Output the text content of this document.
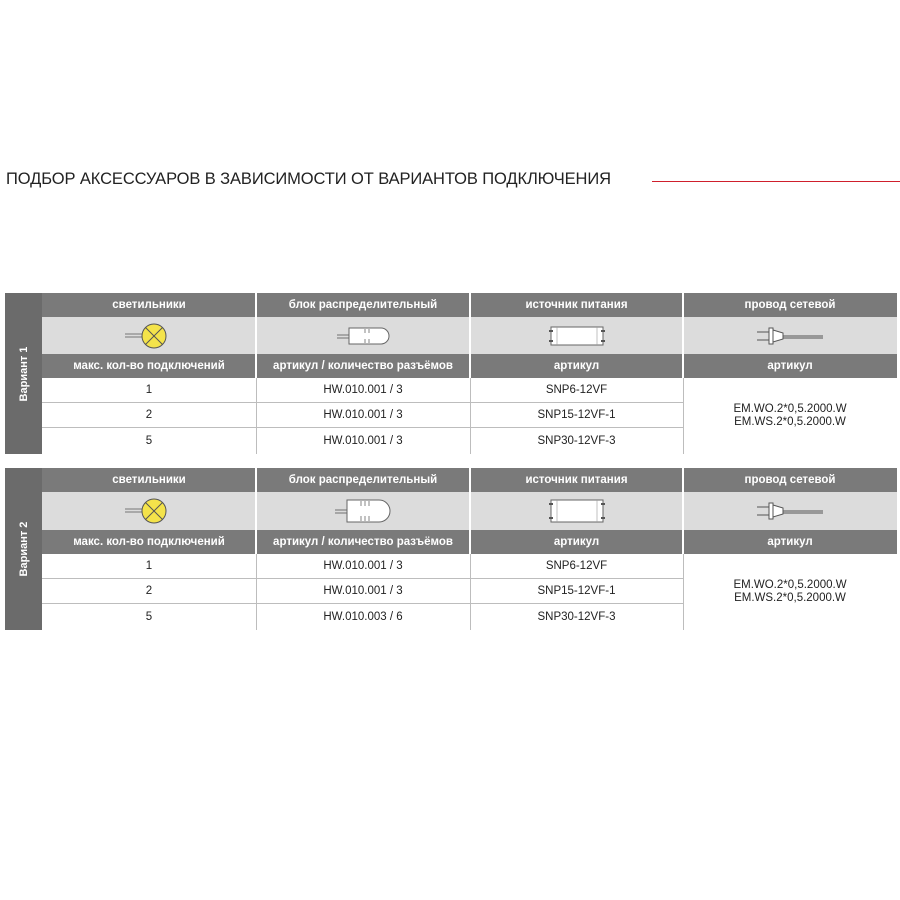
ПОДБОР АКСЕССУАРОВ В ЗАВИСИМОСТИ ОТ ВАРИАНТОВ ПОДКЛЮЧЕНИЯ
Вариант 1
светильники	блок распределительный	источник питания	провод сетевой
макс. кол-во подключений	артикул / количество разъёмов	артикул	артикул
1	HW.010.001 / 3	SNP6-12VF
2	HW.010.001 / 3	SNP15-12VF-1
5	HW.010.001 / 3	SNP30-12VF-3
EM.WO.2*0,5.2000.W
EM.WS.2*0,5.2000.W
Вариант 2
светильники	блок распределительный	источник питания	провод сетевой
макс. кол-во подключений	артикул / количество разъёмов	артикул	артикул
1	HW.010.001 / 3	SNP6-12VF
2	HW.010.001 / 3	SNP15-12VF-1
5	HW.010.003 / 6	SNP30-12VF-3
EM.WO.2*0,5.2000.W
EM.WS.2*0,5.2000.W
